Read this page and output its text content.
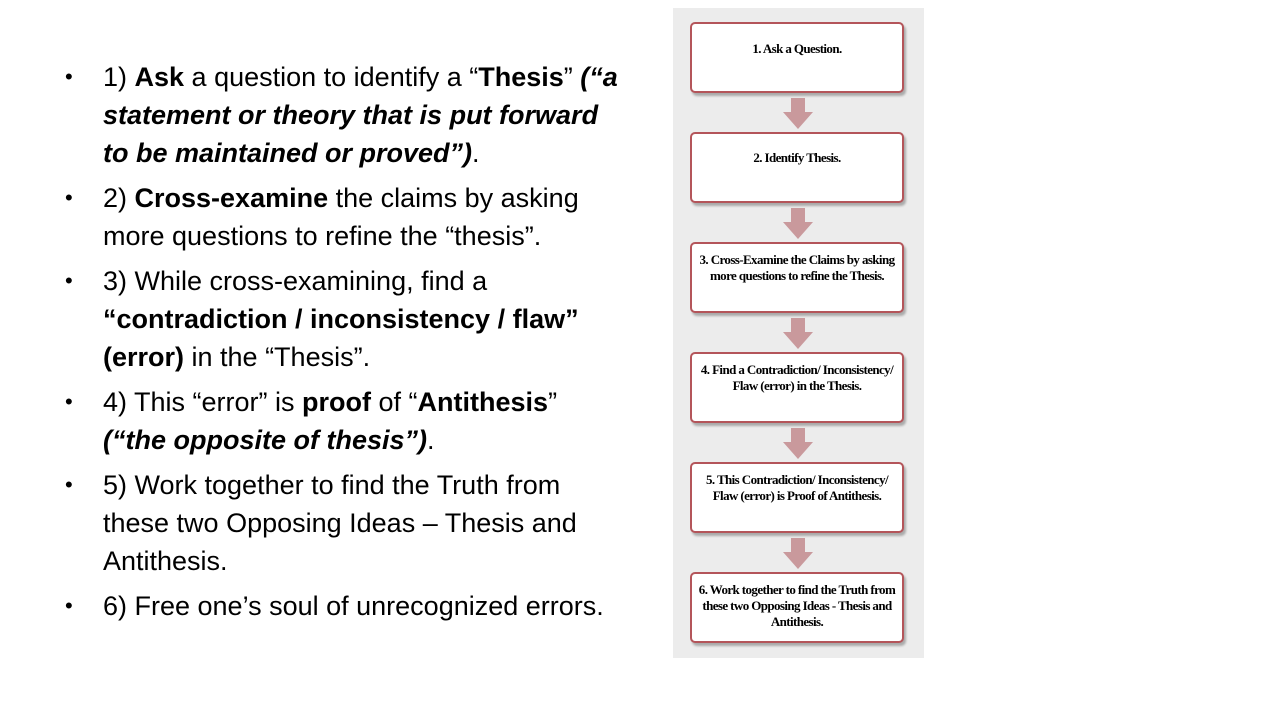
• 1) Ask a question to identify a “Thesis” (“a statement or theory that is put forward to be maintained or proved”).
• 2) Cross-examine the claims by asking more questions to refine the “thesis”.
• 3) While cross-examining, find a “contradiction / inconsistency / flaw” (error) in the “Thesis”.
• 4) This “error” is proof of “Antithesis” (“the opposite of thesis”).
• 5) Work together to find the Truth from these two Opposing Ideas – Thesis and Antithesis.
• 6) Free one’s soul of unrecognized errors.
1. Ask a Question.
2. Identify Thesis.
3. Cross-Examine the Claims by asking more questions to refine the Thesis.
4. Find a Contradiction/ Inconsistency/ Flaw (error) in the Thesis.
5. This Contradiction/ Inconsistency/ Flaw (error) is Proof of Antithesis.
6. Work together to find the Truth from these two Opposing Ideas - Thesis and Antithesis.
